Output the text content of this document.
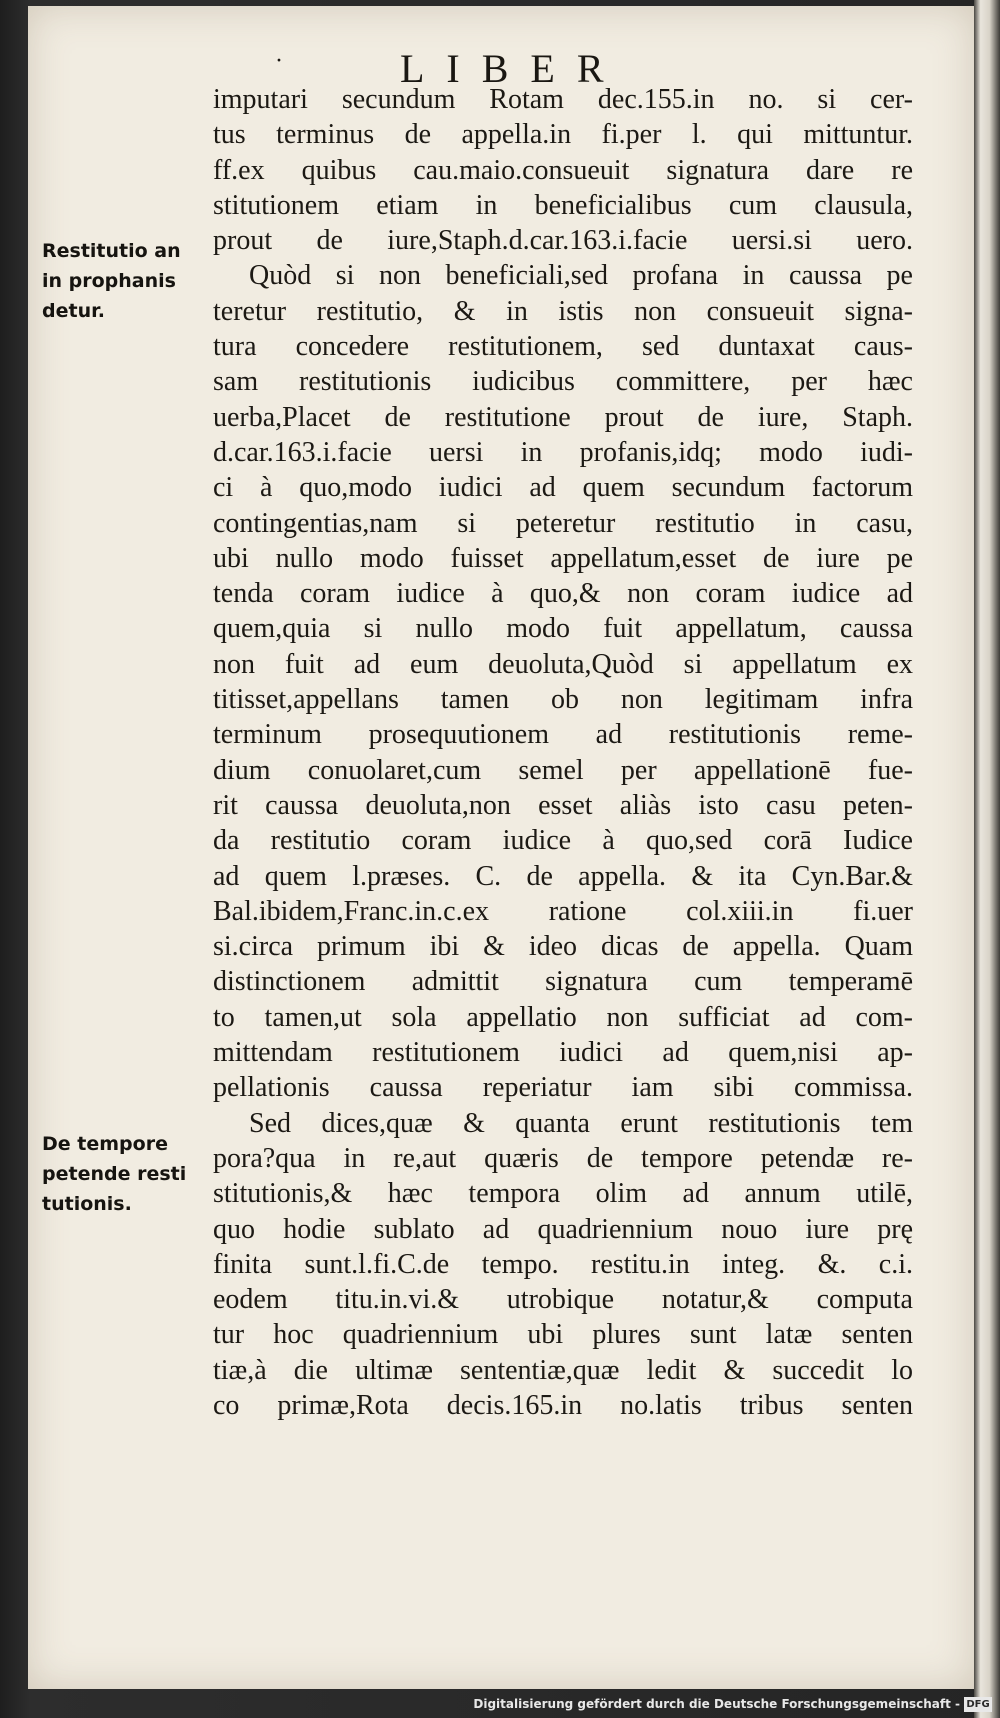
·	LIBER
Restitutio an
in prophanis
detur.
De tempore
petende resti
tutionis.
imputari secundum Rotam dec.155.in no. si cer-
tus terminus de appella.in fi.per l. qui mittuntur.
ff.ex quibus cau.maio.consueuit signatura dare re
stitutionem etiam in beneficialibus cum clausula,
prout de iure,Staph.d.car.163.i.facie uersi.si uero.
Quòd si non beneficiali,sed profana in caussa pe
teretur restitutio, & in istis non consueuit signa-
tura concedere restitutionem, sed duntaxat caus-
sam restitutionis iudicibus committere, per hæc
uerba,Placet de restitutione prout de iure, Staph.
d.car.163.i.facie uersi in profanis,idq; modo iudi-
ci à quo,modo iudici ad quem secundum factorum
contingentias,nam si peteretur restitutio in casu,
ubi nullo modo fuisset appellatum,esset de iure pe
tenda coram iudice à quo,& non coram iudice ad
quem,quia si nullo modo fuit appellatum, caussa
non fuit ad eum deuoluta,Quòd si appellatum ex
titisset,appellans tamen ob non legitimam infra
terminum prosequutionem ad restitutionis reme-
dium conuolaret,cum semel per appellationē fue-
rit caussa deuoluta,non esset aliàs isto casu peten-
da restitutio coram iudice à quo,sed corā Iudice
ad quem l.præses. C. de appella. & ita Cyn.Bar.&
Bal.ibidem,Franc.in.c.ex ratione col.xiii.in fi.uer
si.circa primum ibi & ideo dicas de appella. Quam
distinctionem admittit signatura cum temperamē
to tamen,ut sola appellatio non sufficiat ad com-
mittendam restitutionem iudici ad quem,nisi ap-
pellationis caussa reperiatur iam sibi commissa.
Sed dices,quæ & quanta erunt restitutionis tem
pora?qua in re,aut quæris de tempore petendæ re-
stitutionis,& hæc tempora olim ad annum utilē,
quo hodie sublato ad quadriennium nouo iure prę
finita sunt.l.fi.C.de tempo. restitu.in integ. &. c.i.
eodem titu.in.vi.& utrobique notatur,& computa
tur hoc quadriennium ubi plures sunt latæ senten
tiæ,à die ultimæ sententiæ,quæ ledit & succedit lo
co primæ,Rota decis.165.in no.latis tribus senten
Digitalisierung gefördert durch die Deutsche Forschungsgemeinschaft - DFG
